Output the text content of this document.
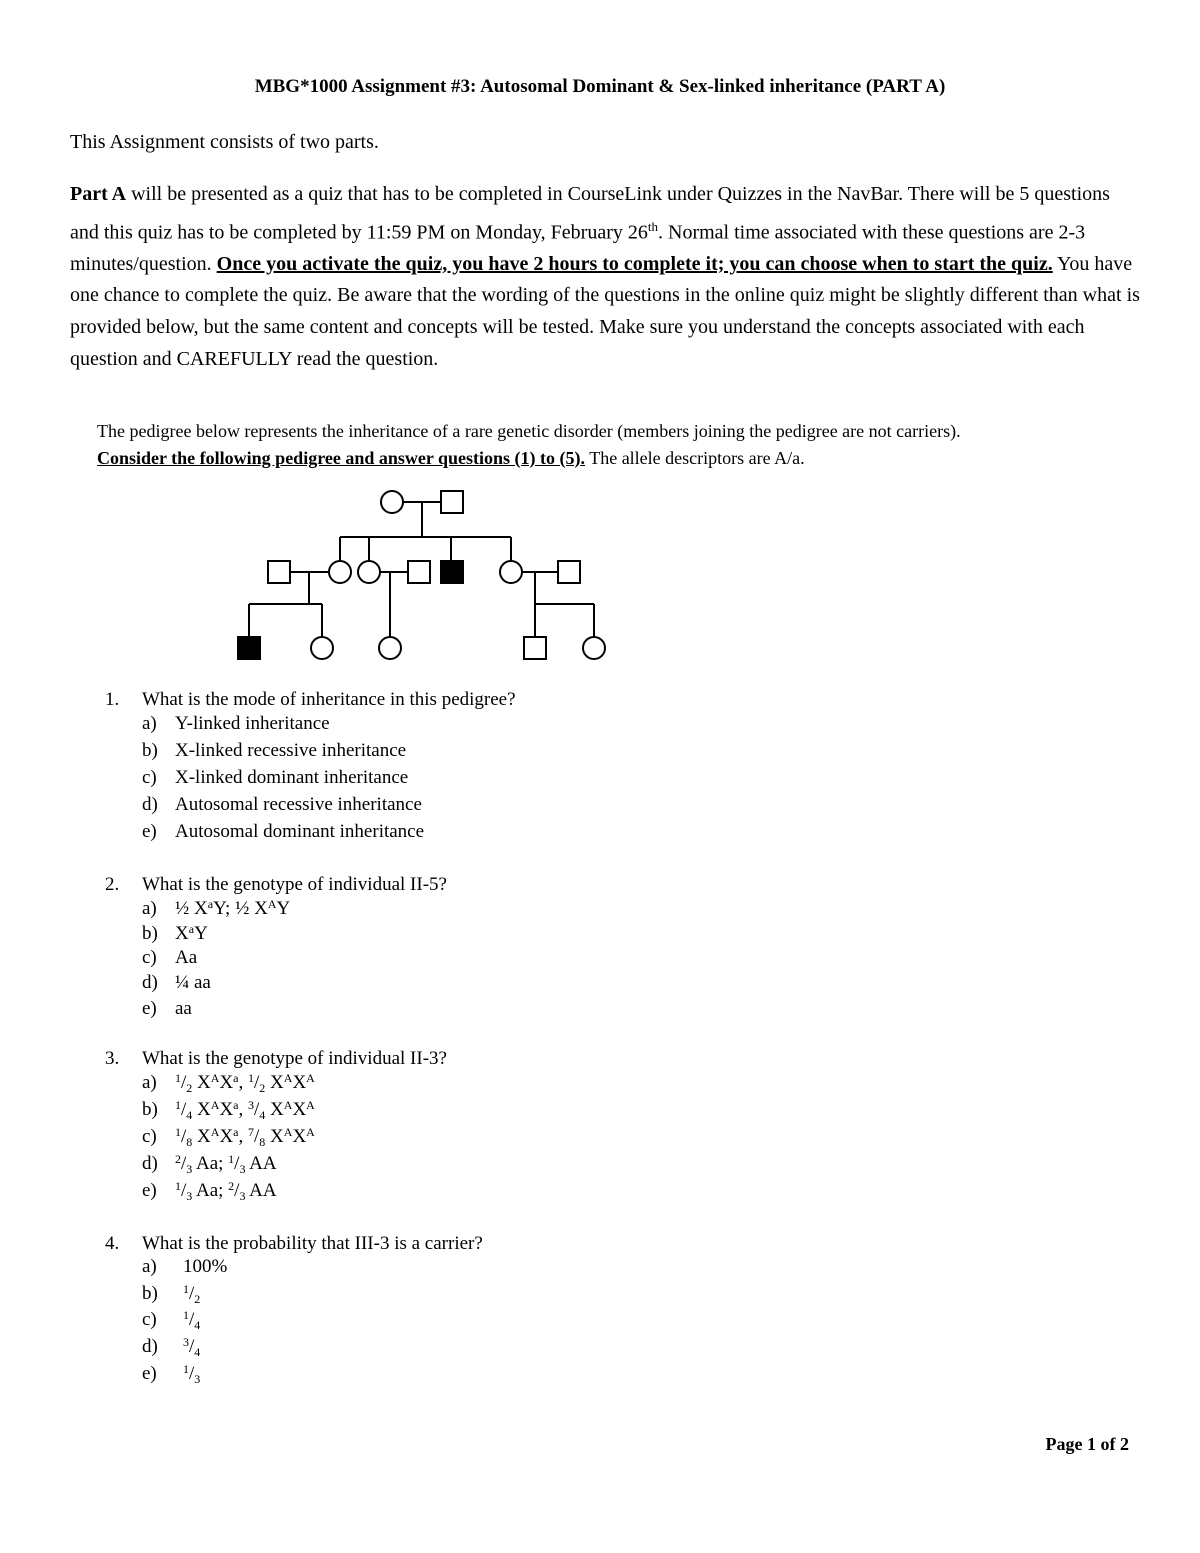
MBG*1000 Assignment #3: Autosomal Dominant & Sex-linked inheritance (PART A)
This Assignment consists of two parts.
Part A will be presented as a quiz that has to be completed in CourseLink under Quizzes in the NavBar. There will be 5 questions and this quiz has to be completed by 11:59 PM on Monday, February 26th. Normal time associated with these questions are 2-3 minutes/question. Once you activate the quiz, you have 2 hours to complete it; you can choose when to start the quiz. You have one chance to complete the quiz. Be aware that the wording of the questions in the online quiz might be slightly different than what is provided below, but the same content and concepts will be tested. Make sure you understand the concepts associated with each question and CAREFULLY read the question.
The pedigree below represents the inheritance of a rare genetic disorder (members joining the pedigree are not carriers).
Consider the following pedigree and answer questions (1) to (5). The allele descriptors are A/a.
1. What is the mode of inheritance in this pedigree?
a) Y-linked inheritance
b) X-linked recessive inheritance
c) X-linked dominant inheritance
d) Autosomal recessive inheritance
e) Autosomal dominant inheritance
2. What is the genotype of individual II-5?
a) ½ $X^aY$; ½ $X^AY$
b) $X^aY$
c) Aa
d) ¼ aa
e) aa
3. What is the genotype of individual II-3?
a) $^1/_2$ $X^AX^a$, $^1/_2$ $X^AX^A$
b) $^1/_4$ $X^AX^a$, $^3/_4$ $X^AX^A$
c) $^1/_8$ $X^AX^a$, $^7/_8$ $X^AX^A$
d) $^2/_3$ Aa; $^1/_3$ AA
e) $^1/_3$ Aa; $^2/_3$ AA
4. What is the probability that III-3 is a carrier?
a) 100%
b) $^1/_2$
c) $^1/_4$
d) $^3/_4$
e) $^1/_3$
Page 1 of 2
